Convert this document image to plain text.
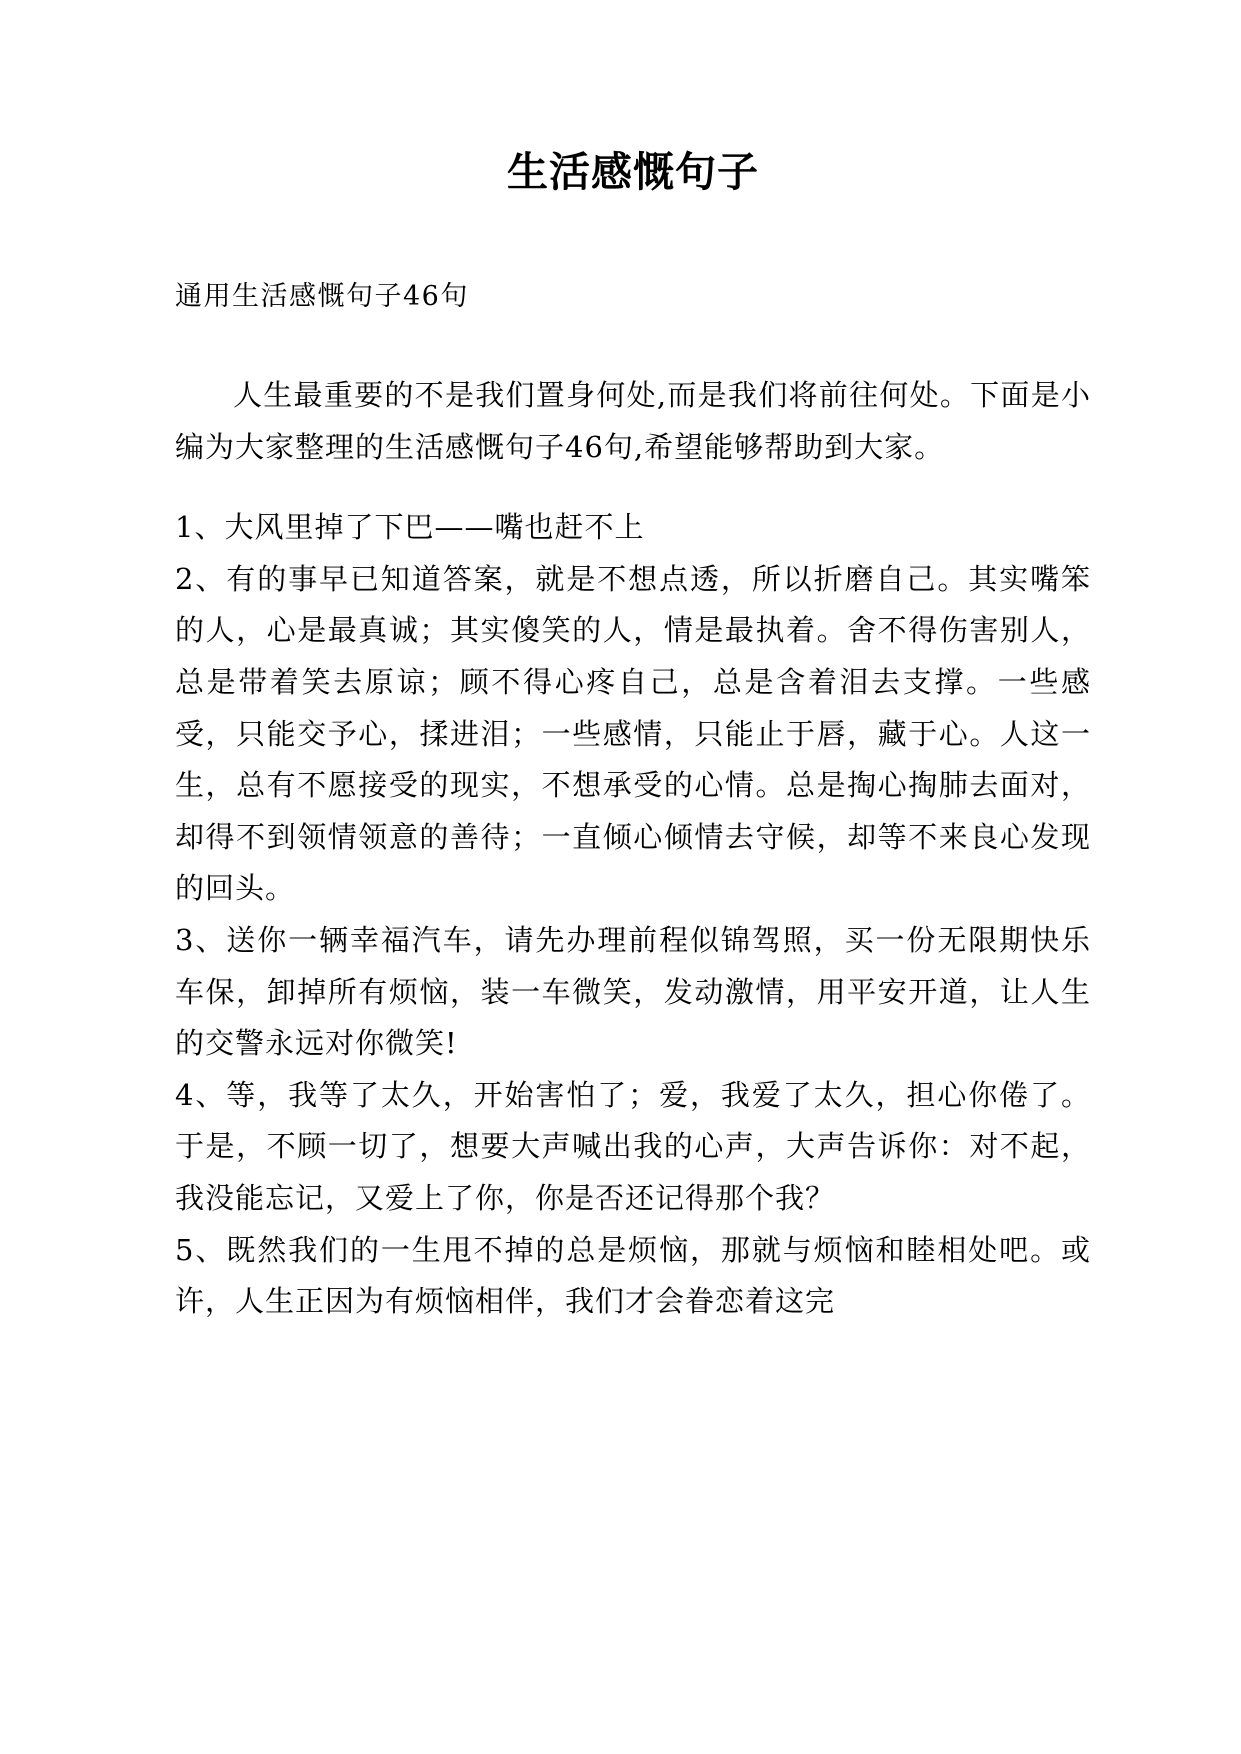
生活感慨句子
通用生活感慨句子46句

人生最重要的不是我们置身何处,而是我们将前往何处。下面是小编为大家整理的生活感慨句子46句,希望能够帮助到大家。

1、大风里掉了下巴——嘴也赶不上

2、有的事早已知道答案，就是不想点透，所以折磨自己。其实嘴笨的人，心是最真诚；其实傻笑的人，情是最执着。舍不得伤害别人，总是带着笑去原谅；顾不得心疼自己，总是含着泪去支撑。一些感受，只能交予心，揉进泪；一些感情，只能止于唇，藏于心。人这一生，总有不愿接受的现实，不想承受的心情。总是掏心掏肺去面对，却得不到领情领意的善待；一直倾心倾情去守候，却等不来良心发现的回头。

3、送你一辆幸福汽车，请先办理前程似锦驾照，买一份无限期快乐车保，卸掉所有烦恼，装一车微笑，发动激情，用平安开道，让人生的交警永远对你微笑!

4、等，我等了太久，开始害怕了；爱，我爱了太久，担心你倦了。于是，不顾一切了，想要大声喊出我的心声，大声告诉你：对不起，我没能忘记，又爱上了你，你是否还记得那个我？

5、既然我们的一生甩不掉的总是烦恼，那就与烦恼和睦相处吧。或许，人生正因为有烦恼相伴，我们才会眷恋着这完
